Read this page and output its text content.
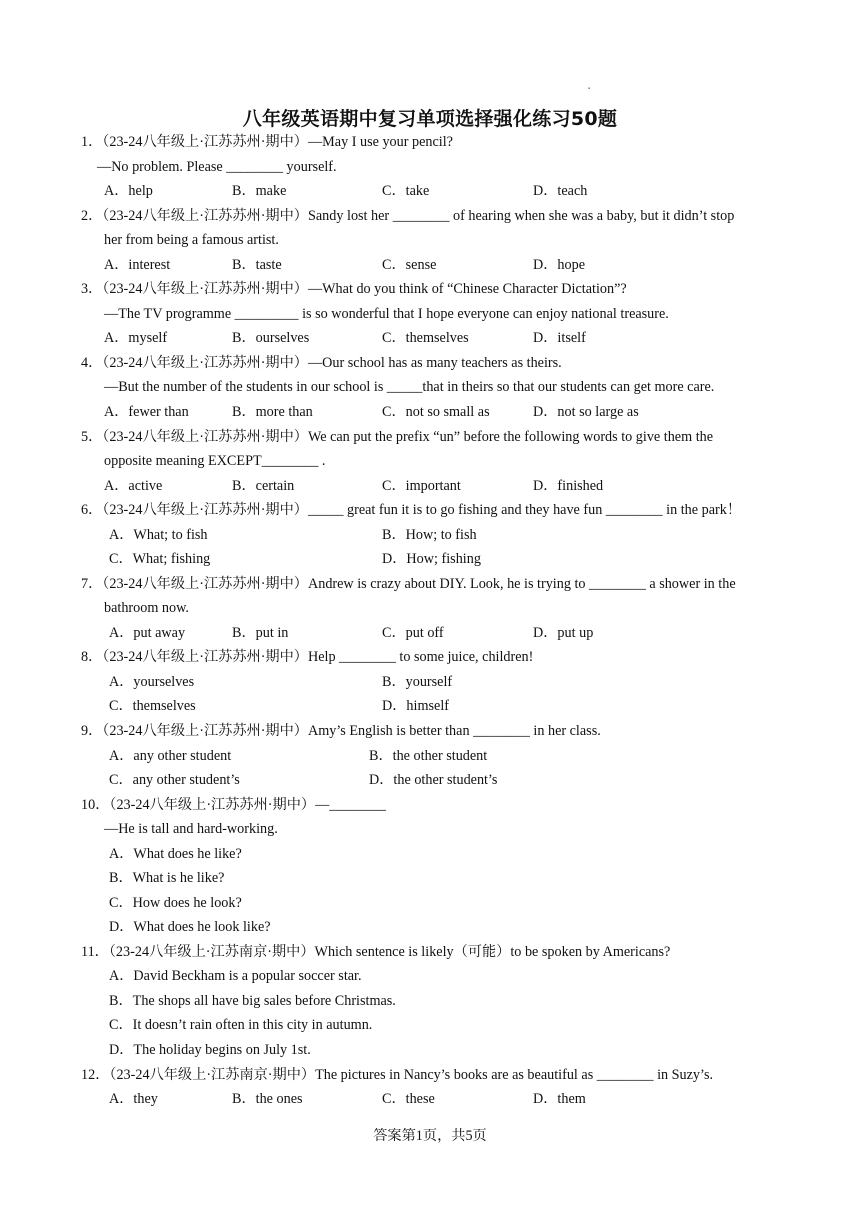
▪
八年级英语期中复习单项选择强化练习50题
1．（23-24八年级上·江苏苏州·期中）—May I use your pencil?
—No problem. Please ________ yourself.
A．help	B．make	C．take	D．teach
2．（23-24八年级上·江苏苏州·期中）Sandy lost her ________ of hearing when she was a baby, but it didn’t stop
her from being a famous artist.
A．interest	B．taste	C．sense	D．hope
3．（23-24八年级上·江苏苏州·期中）—What do you think of “Chinese Character Dictation”?
—The TV programme _________ is so wonderful that I hope everyone can enjoy national treasure.
A．myself	B．ourselves	C．themselves	D．itself
4．（23-24八年级上·江苏苏州·期中）—Our school has as many teachers as theirs.
—But the number of the students in our school is _____that in theirs so that our students can get more care.
A．fewer than	B．more than	C．not so small as	D．not so large as
5．（23-24八年级上·江苏苏州·期中）We can put the prefix “un” before the following words to give them the
opposite meaning EXCEPT________ .
A．active	B．certain	C．important	D．finished
6．（23-24八年级上·江苏苏州·期中）_____ great fun it is to go fishing and they have fun ________ in the park！
A．What; to fish	B．How; to fish
C．What; fishing	D．How; fishing
7．（23-24八年级上·江苏苏州·期中）Andrew is crazy about DIY. Look, he is trying to ________ a shower in the
bathroom now.
A．put away	B．put in	C．put off	D．put up
8．（23-24八年级上·江苏苏州·期中）Help ________ to some juice, children!
A．yourselves	B．yourself
C．themselves	D．himself
9．（23-24八年级上·江苏苏州·期中）Amy’s English is better than ________ in her class.
A．any other student	B．the other student
C．any other student’s	D．the other student’s
10．（23-24八年级上·江苏苏州·期中）—________
—He is tall and hard-working.
A．What does he like?
B．What is he like?
C．How does he look?
D．What does he look like?
11．（23-24八年级上·江苏南京·期中）Which sentence is likely（可能）to be spoken by Americans?
A．David Beckham is a popular soccer star.
B．The shops all have big sales before Christmas.
C．It doesn’t rain often in this city in autumn.
D．The holiday begins on July 1st.
12．（23-24八年级上·江苏南京·期中）The pictures in Nancy’s books are as beautiful as ________ in Suzy’s.
A．they	B．the ones	C．these	D．them
答案第1页，共5页
